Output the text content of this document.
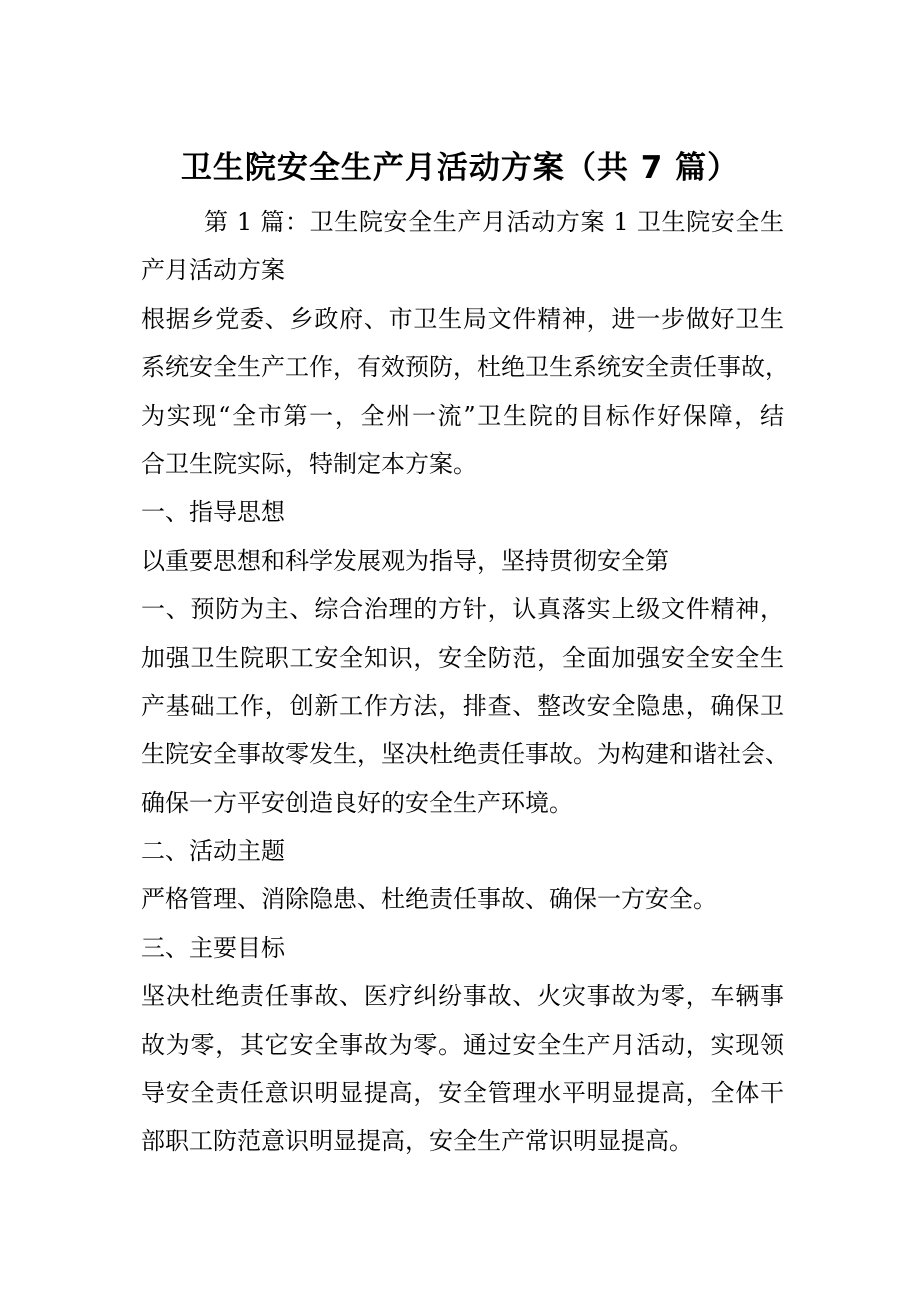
卫生院安全生产月活动方案（共 7 篇）
第 1 篇：卫生院安全生产月活动方案 1 卫生院安全生
产月活动方案
根据乡党委、乡政府、市卫生局文件精神，进一步做好卫生
系统安全生产工作，有效预防，杜绝卫生系统安全责任事故，
为实现“全市第一，全州一流”卫生院的目标作好保障，结
合卫生院实际，特制定本方案。
一、指导思想
以重要思想和科学发展观为指导，坚持贯彻安全第
一、预防为主、综合治理的方针，认真落实上级文件精神，
加强卫生院职工安全知识，安全防范，全面加强安全安全生
产基础工作，创新工作方法，排查、整改安全隐患，确保卫
生院安全事故零发生，坚决杜绝责任事故。为构建和谐社会、
确保一方平安创造良好的安全生产环境。
二、活动主题
严格管理、消除隐患、杜绝责任事故、确保一方安全。
三、主要目标
坚决杜绝责任事故、医疗纠纷事故、火灾事故为零，车辆事
故为零，其它安全事故为零。通过安全生产月活动，实现领
导安全责任意识明显提高，安全管理水平明显提高，全体干
部职工防范意识明显提高，安全生产常识明显提高。
